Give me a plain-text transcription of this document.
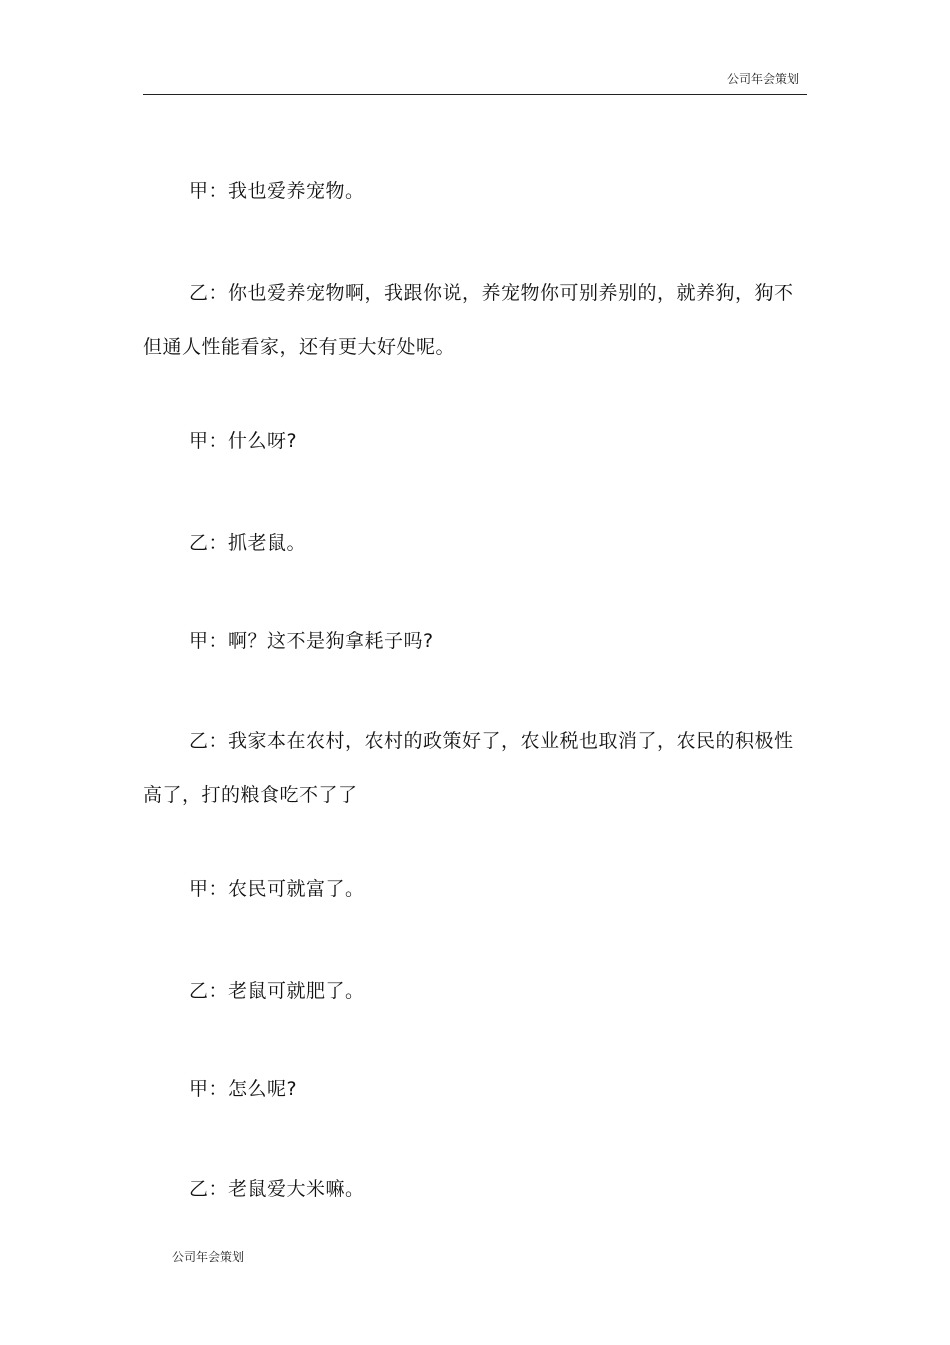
公司年会策划

甲：我也爱养宠物。

乙：你也爱养宠物啊，我跟你说，养宠物你可别养别的，就养狗，狗不但通人性能看家，还有更大好处呢。

甲：什么呀?

乙：抓老鼠。

甲：啊？这不是狗拿耗子吗?

乙：我家本在农村，农村的政策好了，农业税也取消了，农民的积极性高了，打的粮食吃不了了

甲：农民可就富了。

乙：老鼠可就肥了。

甲：怎么呢?

乙：老鼠爱大米嘛。

公司年会策划
